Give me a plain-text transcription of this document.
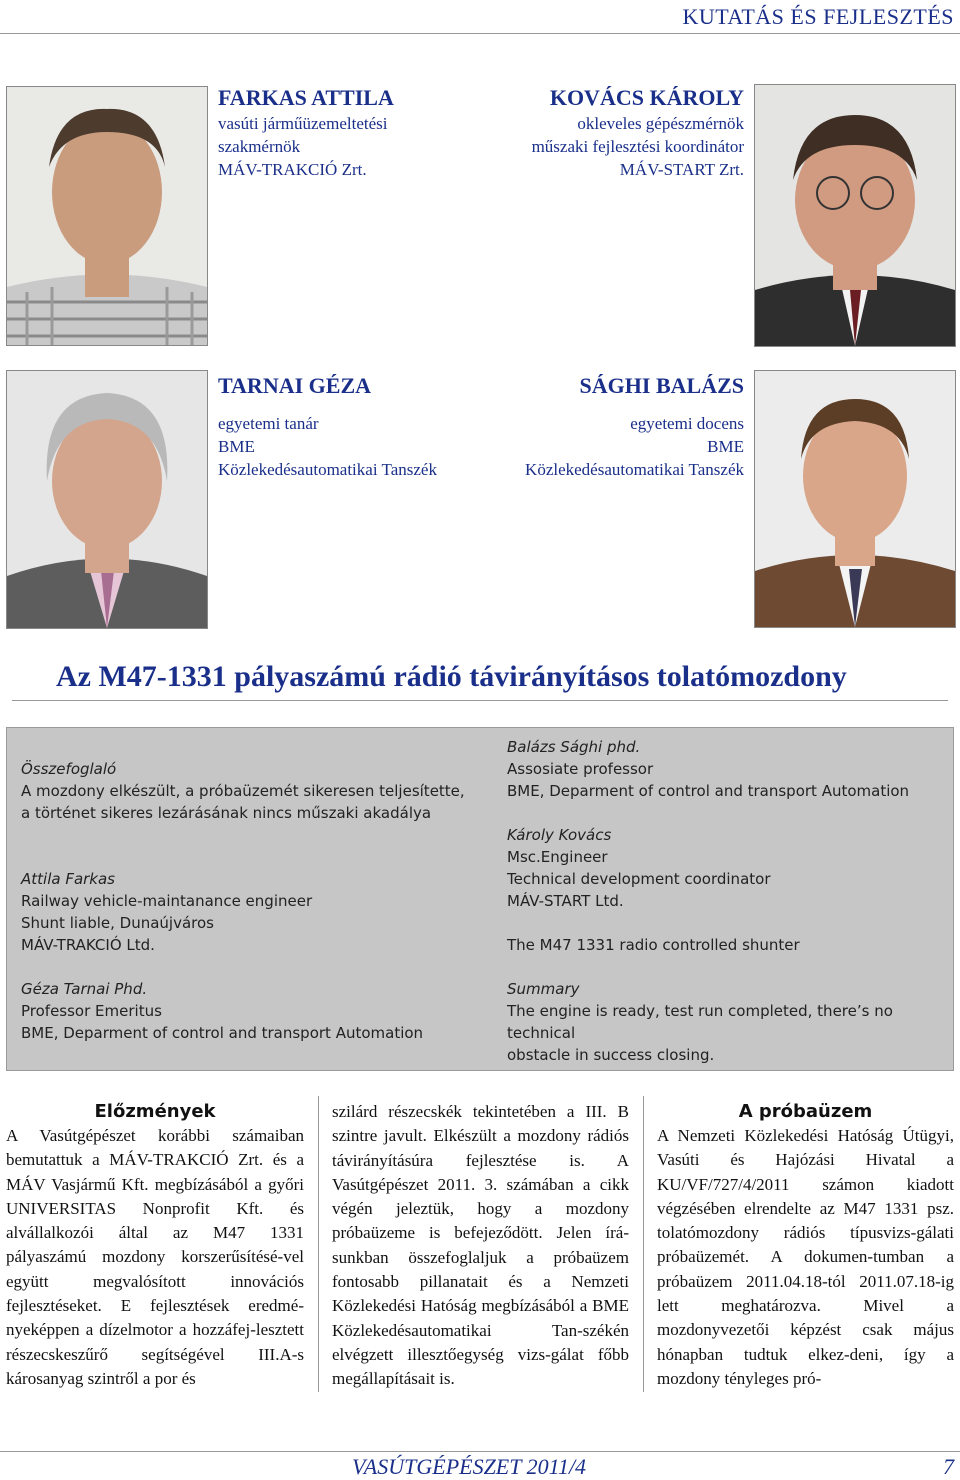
KUTATÁS ÉS FEJLESZTÉS
FARKAS ATTILA
vasúti járműüzemeltetési
szakmérnök
MÁV-TRAKCIÓ Zrt.
KOVÁCS KÁROLY
okleveles gépészmérnök
műszaki fejlesztési koordinátor
MÁV-START Zrt.
TARNAI GÉZA
egyetemi tanár
BME
Közlekedésautomatikai Tanszék
SÁGHI BALÁZS
egyetemi docens
BME
Közlekedésautomatikai Tanszék
Az M47-1331 pályaszámú rádió távirányításos tolatómozdony
Összefoglaló
A mozdony elkészült, a próbaüzemét sikeresen teljesítette,
a történet sikeres lezárásának nincs műszaki akadálya
Attila Farkas
Railway vehicle-maintanance engineer
Shunt liable, Dunaújváros
MÁV-TRAKCIÓ Ltd.
Géza Tarnai Phd.
Professor Emeritus
BME, Deparment of control and transport Automation
Balázs Sághi phd.
Assosiate professor
BME, Deparment of control and transport Automation
Károly Kovács
Msc.Engineer
Technical development coordinator
MÁV-START Ltd.
The M47 1331 radio controlled shunter
Summary
The engine is ready, test run completed, there’s no technical
obstacle in success closing.
Előzmények

A Vasútgépészet korábbi számaiban bemutattuk a MÁV-TRAKCIÓ Zrt. és a MÁV Vasjármű Kft. megbízásából a győri UNIVERSITAS Nonprofit Kft. és alvállalkozói által az M47 1331 pályaszámú mozdony korszerűsítésé-vel együtt megvalósított innovációs fejlesztéseket. E fejlesztések eredmé-nyeképpen a dízelmotor a hozzáfej-lesztett részecskeszűrő segítségével III.A-s károsanyag szintről a por és

szilárd részecskék tekintetében a III. B szintre javult. Elkészült a mozdony rádiós távirányításúra fejlesztése is. A Vasútgépészet 2011. 3. számában a cikk végén jeleztük, hogy a mozdony próbaüzeme is befejeződött. Jelen írá-sunkban összefoglaljuk a próbaüzem fontosabb pillanatait és a Nemzeti Közlekedési Hatóság megbízásából a BME Közlekedésautomatikai Tan-székén elvégzett illesztőegység vizs-gálat főbb megállapításait is.

A próbaüzem

A Nemzeti Közlekedési Hatóság Útügyi, Vasúti és Hajózási Hivatal a KU/VF/727/4/2011 számon kiadott végzésében elrendelte az M47 1331 psz. tolatómozdony rádiós típusvizs-gálati próbaüzemét. A dokumen-tumban a próbaüzem 2011.04.18-tól 2011.07.18-ig lett meghatározva. Mivel a mozdonyvezetői képzést csak május hónapban tudtuk elkez-deni, így a mozdony tényleges pró-

VASÚTGÉPÉSZET 2011/4	7
